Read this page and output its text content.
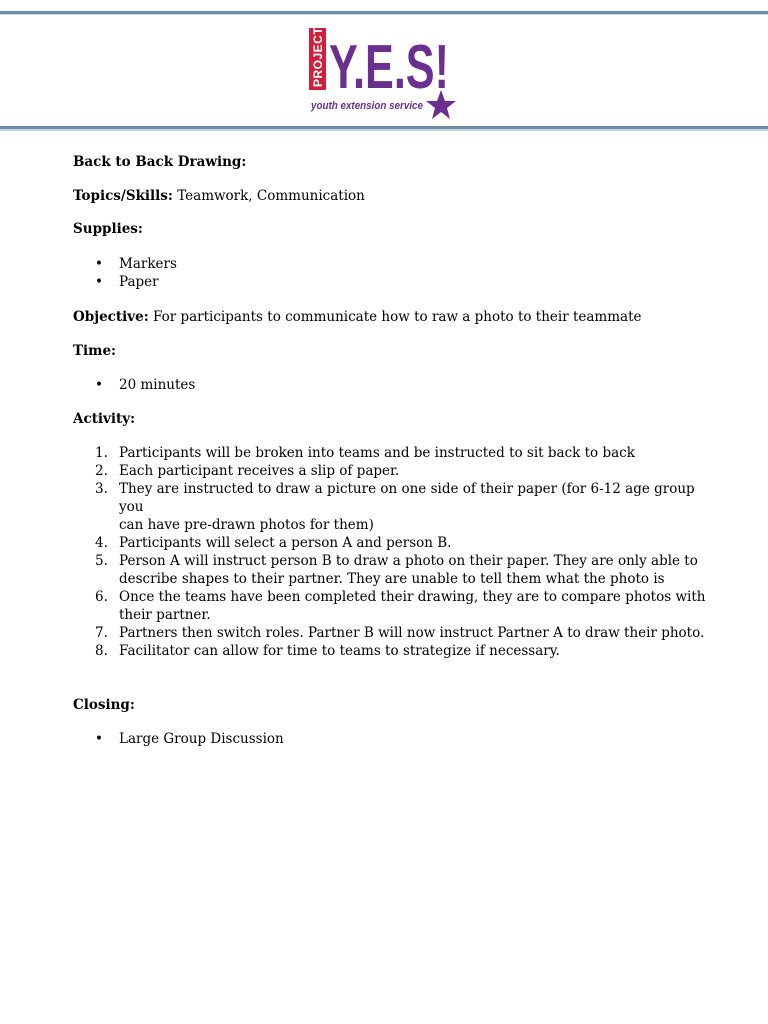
PROJECT Y.E.S!
youth extension service

Back to Back Drawing:

Topics/Skills: Teamwork, Communication

Supplies:

• Markers
• Paper

Objective: For participants to communicate how to raw a photo to their teammate

Time:

• 20 minutes

Activity:

1. Participants will be broken into teams and be instructed to sit back to back
2. Each participant receives a slip of paper.
3. They are instructed to draw a picture on one side of their paper (for 6-12 age group you
can have pre-drawn photos for them)
4. Participants will select a person A and person B.
5. Person A will instruct person B to draw a photo on their paper. They are only able to
describe shapes to their partner. They are unable to tell them what the photo is
6. Once the teams have been completed their drawing, they are to compare photos with
their partner.
7. Partners then switch roles. Partner B will now instruct Partner A to draw their photo.
8. Facilitator can allow for time to teams to strategize if necessary.

Closing:

• Large Group Discussion
